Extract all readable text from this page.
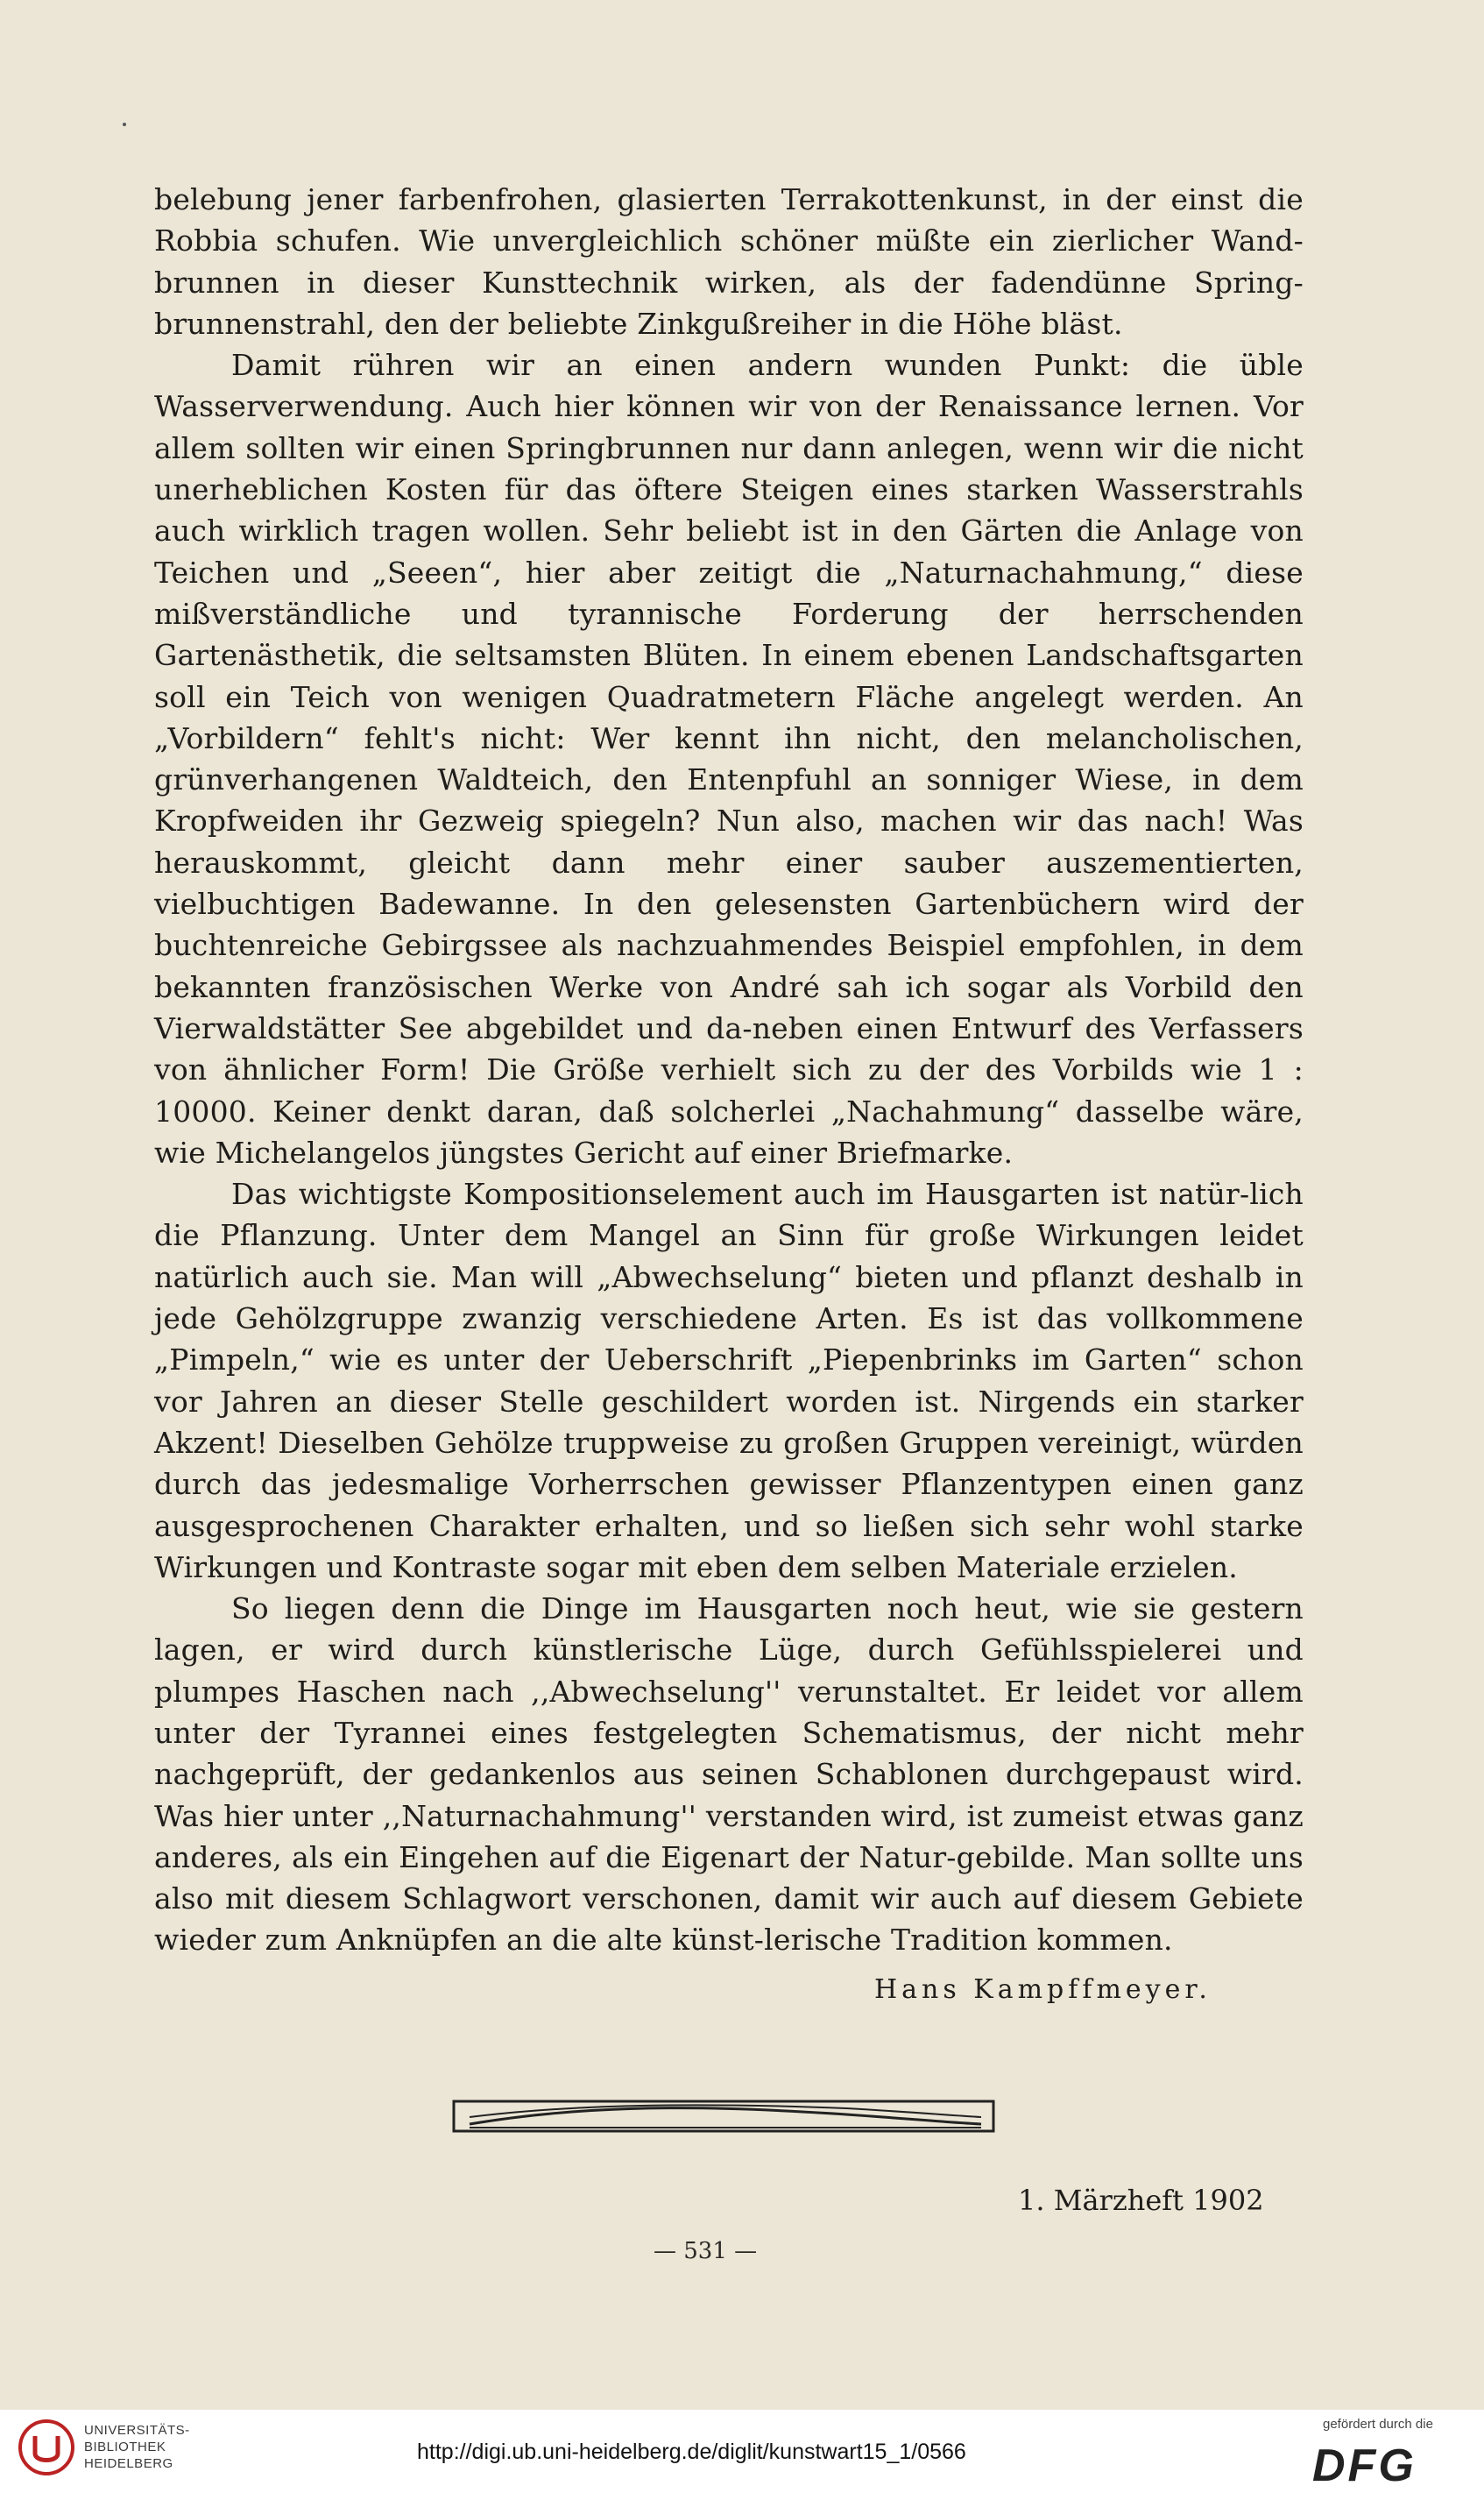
belebung jener farbenfrohen, glasierten Terrakottenkunst, in der einst die Robbia schufen. Wie unvergleichlich schöner müßte ein zierlicher Wand-brunnen in dieser Kunsttechnik wirken, als der fadendünne Spring-brunnenstrahl, den der beliebte Zinkgußreiher in die Höhe bläst.

Damit rühren wir an einen andern wunden Punkt: die üble Wasserverwendung. Auch hier können wir von der Renaissance lernen. Vor allem sollten wir einen Springbrunnen nur dann anlegen, wenn wir die nicht unerheblichen Kosten für das öftere Steigen eines starken Wasserstrahls auch wirklich tragen wollen. Sehr beliebt ist in den Gärten die Anlage von Teichen und „Seeen“, hier aber zeitigt die „Naturnachahmung,“ diese mißverständliche und tyrannische Forderung der herrschenden Gartenästhetik, die seltsamsten Blüten. In einem ebenen Landschaftsgarten soll ein Teich von wenigen Quadratmetern Fläche angelegt werden. An „Vorbildern“ fehlt's nicht: Wer kennt ihn nicht, den melancholischen, grünverhangenen Waldteich, den Entenpfuhl an sonniger Wiese, in dem Kropfweiden ihr Gezweig spiegeln? Nun also, machen wir das nach! Was herauskommt, gleicht dann mehr einer sauber auszementierten, vielbuchtigen Badewanne. In den gelesensten Gartenbüchern wird der buchtenreiche Gebirgssee als nachzuahmendes Beispiel empfohlen, in dem bekannten französischen Werke von André sah ich sogar als Vorbild den Vierwaldstätter See abgebildet und da-neben einen Entwurf des Verfassers von ähnlicher Form! Die Größe verhielt sich zu der des Vorbilds wie 1 : 10000. Keiner denkt daran, daß solcherlei „Nachahmung“ dasselbe wäre, wie Michelangelos jüngstes Gericht auf einer Briefmarke.

Das wichtigste Kompositionselement auch im Hausgarten ist natür-lich die Pflanzung. Unter dem Mangel an Sinn für große Wirkungen leidet natürlich auch sie. Man will „Abwechselung“ bieten und pflanzt deshalb in jede Gehölzgruppe zwanzig verschiedene Arten. Es ist das vollkommene „Pimpeln,“ wie es unter der Ueberschrift „Piepenbrinks im Garten“ schon vor Jahren an dieser Stelle geschildert worden ist. Nirgends ein starker Akzent! Dieselben Gehölze truppweise zu großen Gruppen vereinigt, würden durch das jedesmalige Vorherrschen gewisser Pflanzentypen einen ganz ausgesprochenen Charakter erhalten, und so ließen sich sehr wohl starke Wirkungen und Kontraste sogar mit eben dem selben Materiale erzielen.

So liegen denn die Dinge im Hausgarten noch heut, wie sie gestern lagen, er wird durch künstlerische Lüge, durch Gefühlsspielerei und plumpes Haschen nach ,,Abwechselung'' verunstaltet. Er leidet vor allem unter der Tyrannei eines festgelegten Schematismus, der nicht mehr nachgeprüft, der gedankenlos aus seinen Schablonen durchgepaust wird. Was hier unter ,,Naturnachahmung'' verstanden wird, ist zumeist etwas ganz anderes, als ein Eingehen auf die Eigenart der Natur-gebilde. Man sollte uns also mit diesem Schlagwort verschonen, damit wir auch auf diesem Gebiete wieder zum Anknüpfen an die alte künst-lerische Tradition kommen.

Hans Kampffmeyer.
1. Märzheft 1902
— 531 —
UNIVERSITÄTS-
BIBLIOTHEK
HEIDELBERG	http://digi.ub.uni-heidelberg.de/diglit/kunstwart15_1/0566
gefördert durch die
DFG
